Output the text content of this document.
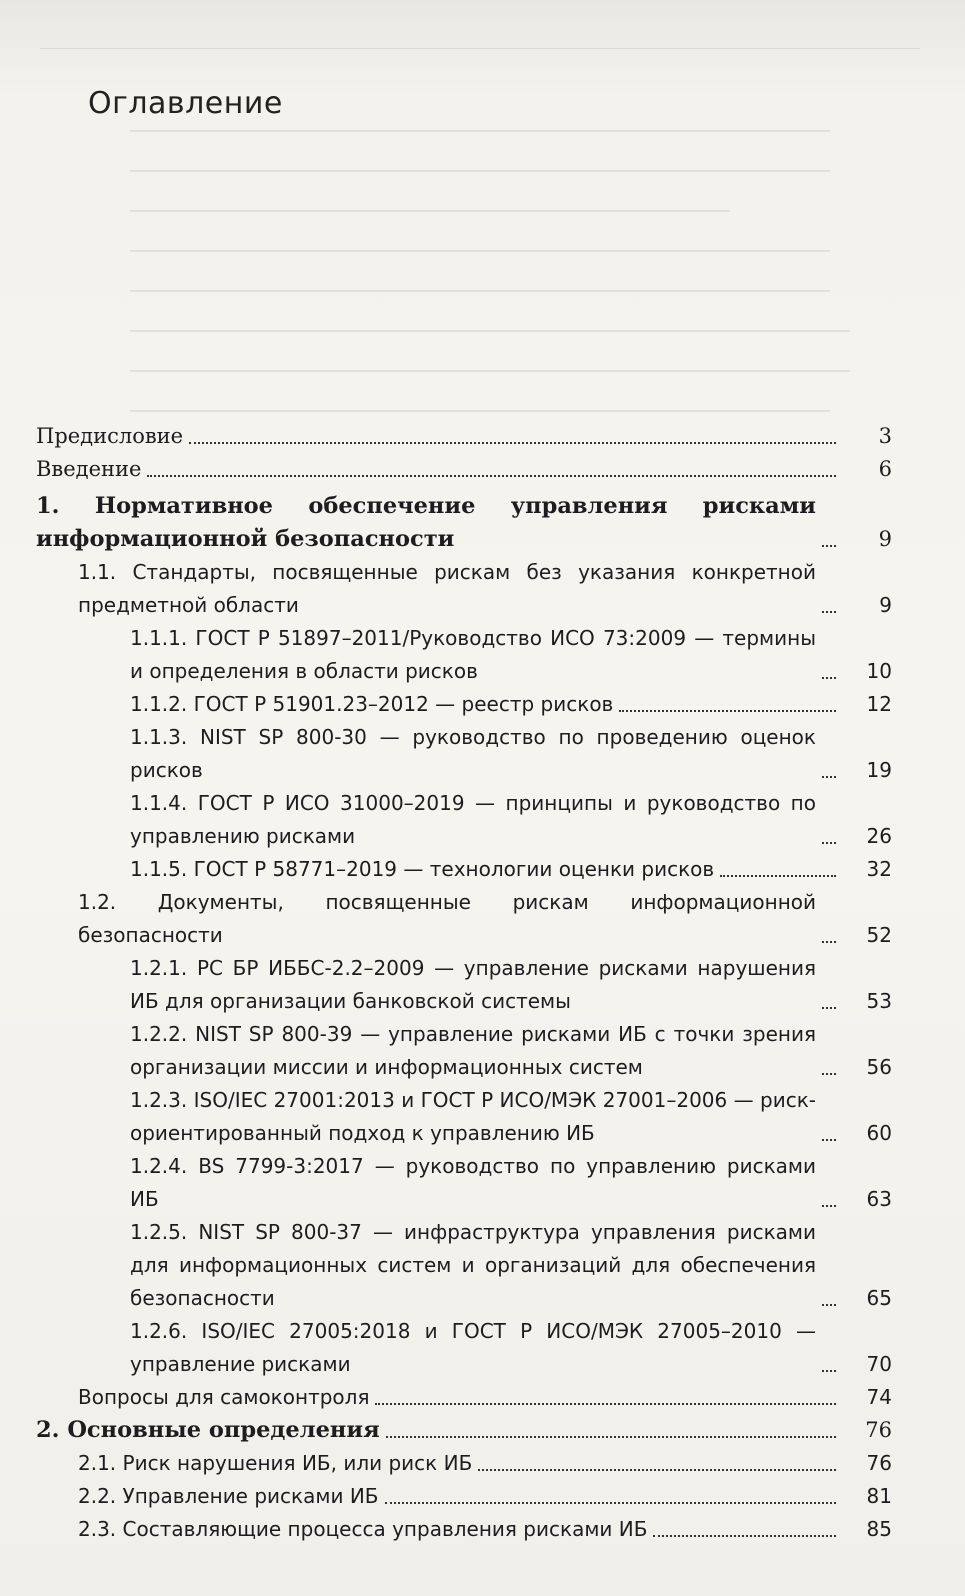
Оглавление
Предисловие	3
Введение	6
1. Нормативное обеспечение управления рисками информационной безопасности	9
1.1. Стандарты, посвященные рискам без указания конкретной предметной области	9
1.1.1. ГОСТ Р 51897–2011/Руководство ИСО 73:2009 — термины и определения в области рисков	10
1.1.2. ГОСТ Р 51901.23–2012 — реестр рисков	12
1.1.3. NIST SP 800-30 — руководство по проведению оценок рисков	19
1.1.4. ГОСТ Р ИСО 31000–2019 — принципы и руководство по управлению рисками	26
1.1.5. ГОСТ Р 58771–2019 — технологии оценки рисков	32
1.2. Документы, посвященные рискам информационной безопасности	52
1.2.1. РС БР ИББС-2.2–2009 — управление рисками нарушения ИБ для организации банковской системы	53
1.2.2. NIST SP 800-39 — управление рисками ИБ с точки зрения организации миссии и информационных систем	56
1.2.3. ISO/IEC 27001:2013 и ГОСТ Р ИСО/МЭК 27001–2006 — риск-ориентированный подход к управлению ИБ	60
1.2.4. BS 7799-3:2017 — руководство по управлению рисками ИБ	63
1.2.5. NIST SP 800-37 — инфраструктура управления рисками для информационных систем и организаций для обеспечения безопасности	65
1.2.6. ISO/IEC 27005:2018 и ГОСТ Р ИСО/МЭК 27005–2010 — управление рисками	70
Вопросы для самоконтроля	74
2. Основные определения	76
2.1. Риск нарушения ИБ, или риск ИБ	76
2.2. Управление рисками ИБ	81
2.3. Составляющие процесса управления рисками ИБ	85
